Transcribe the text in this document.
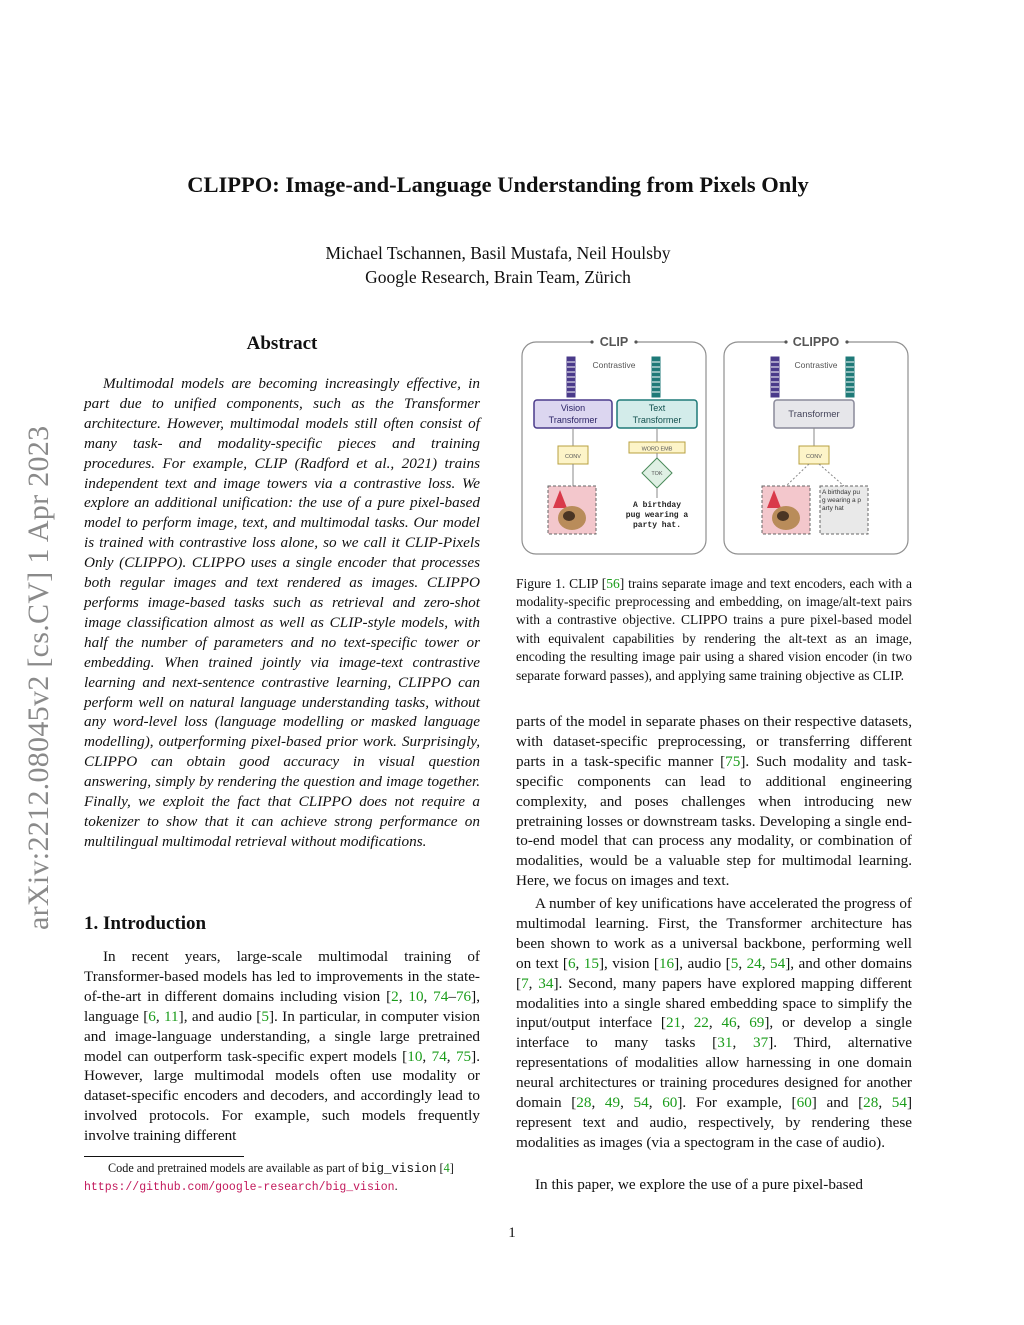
arXiv:2212.08045v2 [cs.CV] 1 Apr 2023
CLIPPO: Image-and-Language Understanding from Pixels Only
Michael Tschannen, Basil Mustafa, Neil Houlsby
Google Research, Brain Team, Zürich
Abstract

Multimodal models are becoming increasingly effective, in part due to unified components, such as the Transformer architecture. However, multimodal models still often consist of many task- and modality-specific pieces and training procedures. For example, CLIP (Radford et al., 2021) trains independent text and image towers via a contrastive loss. We explore an additional unification: the use of a pure pixel-based model to perform image, text, and multimodal tasks. Our model is trained with contrastive loss alone, so we call it CLIP-Pixels Only (CLIPPO). CLIPPO uses a single encoder that processes both regular images and text rendered as images. CLIPPO performs image-based tasks such as retrieval and zero-shot image classification almost as well as CLIP-style models, with half the number of parameters and no text-specific tower or embedding. When trained jointly via image-text contrastive learning and next-sentence contrastive learning, CLIPPO can perform well on natural language understanding tasks, without any word-level loss (language modelling or masked language modelling), outperforming pixel-based prior work. Surprisingly, CLIPPO can obtain good accuracy in visual question answering, simply by rendering the question and image together. Finally, we exploit the fact that CLIPPO does not require a tokenizer to show that it can achieve strong performance on multilingual multimodal retrieval without modifications.

1. Introduction

In recent years, large-scale multimodal training of Transformer-based models has led to improvements in the state-of-the-art in different domains including vision [2, 10, 74–76], language [6, 11], and audio [5]. In particular, in computer vision and image-language understanding, a single large pretrained model can outperform task-specific expert models [10, 74, 75]. However, large multimodal models often use modality or dataset-specific encoders and decoders, and accordingly lead to involved protocols. For example, such models frequently involve training different

Code and pretrained models are available as part of big_vision [4]
https://github.com/google-research/big_vision.
CLIP
Contrastive
Vision
Transformer
Text
Transformer
CONV
WORD EMB
TOK
A birthday
pug wearing a
party hat.
CLIPPO
Contrastive
Transformer
CONV
A birthday pu
g wearing a p
arty hat

Figure 1. CLIP [56] trains separate image and text encoders, each with a modality-specific preprocessing and embedding, on image/alt-text pairs with a contrastive objective. CLIPPO trains a pure pixel-based model with equivalent capabilities by rendering the alt-text as an image, encoding the resulting image pair using a shared vision encoder (in two separate forward passes), and applying same training objective as CLIP.

parts of the model in separate phases on their respective datasets, with dataset-specific preprocessing, or transferring different parts in a task-specific manner [75]. Such modality and task-specific components can lead to additional engineering complexity, and poses challenges when introducing new pretraining losses or downstream tasks. Developing a single end-to-end model that can process any modality, or combination of modalities, would be a valuable step for multimodal learning. Here, we focus on images and text.

A number of key unifications have accelerated the progress of multimodal learning. First, the Transformer architecture has been shown to work as a universal backbone, performing well on text [6, 15], vision [16], audio [5, 24, 54], and other domains [7, 34]. Second, many papers have explored mapping different modalities into a single shared embedding space to simplify the input/output interface [21, 22, 46, 69], or develop a single interface to many tasks [31, 37]. Third, alternative representations of modalities allow harnessing in one domain neural architectures or training procedures designed for another domain [28, 49, 54, 60]. For example, [60] and [28, 54] represent text and audio, respectively, by rendering these modalities as images (via a spectogram in the case of audio).

In this paper, we explore the use of a pure pixel-based

1
